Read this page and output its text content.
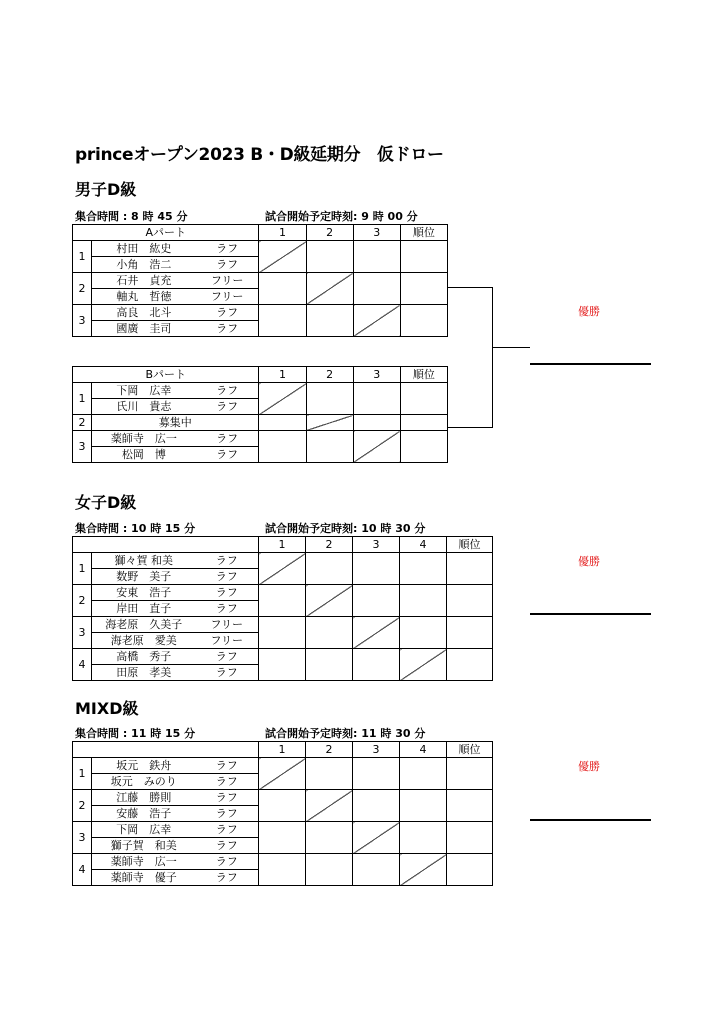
princeオープン2023 B・D級延期分　仮ドロー
男子D級
集合時間 : 8 時 45 分	試合開始予定時刻: 9 時 00 分
Aパート			1	2	3	順位
1	村田　紘史	ラフ				
	小角　浩二	ラフ				
2	石井　貞充	フリー				
	軸丸　哲徳	フリー				
3	高良　北斗	ラフ				
	國廣　圭司	ラフ				
Bパート			1	2	3	順位
1	下岡　広幸	ラフ				
	氏川　貴志	ラフ				
2	募集中					

3	薬師寺　広一	ラフ				
	松岡　博	ラフ				
優勝
女子D級
集合時間 : 10 時 15 分	試合開始予定時刻: 10 時 30 分
			1	2	3	4	順位
1	獅々賀 和美	ラフ					
	数野　美子	ラフ					
2	安東　浩子	ラフ					
	岸田　直子	ラフ					
3	海老原　久美子	フリー					
	海老原　愛美	フリー					
4	高橋　秀子	ラフ					
	田原　孝美	ラフ					
優勝
MIXD級
集合時間 : 11 時 15 分	試合開始予定時刻: 11 時 30 分
			1	2	3	4	順位
1	坂元　鉄舟	ラフ					
	坂元　みのり	ラフ					
2	江藤　勝則	ラフ					
	安藤　浩子	ラフ					
3	下岡　広幸	ラフ					
	獅子賀　和美	ラフ					
4	薬師寺　広一	ラフ					
	薬師寺　優子	ラフ					
優勝
